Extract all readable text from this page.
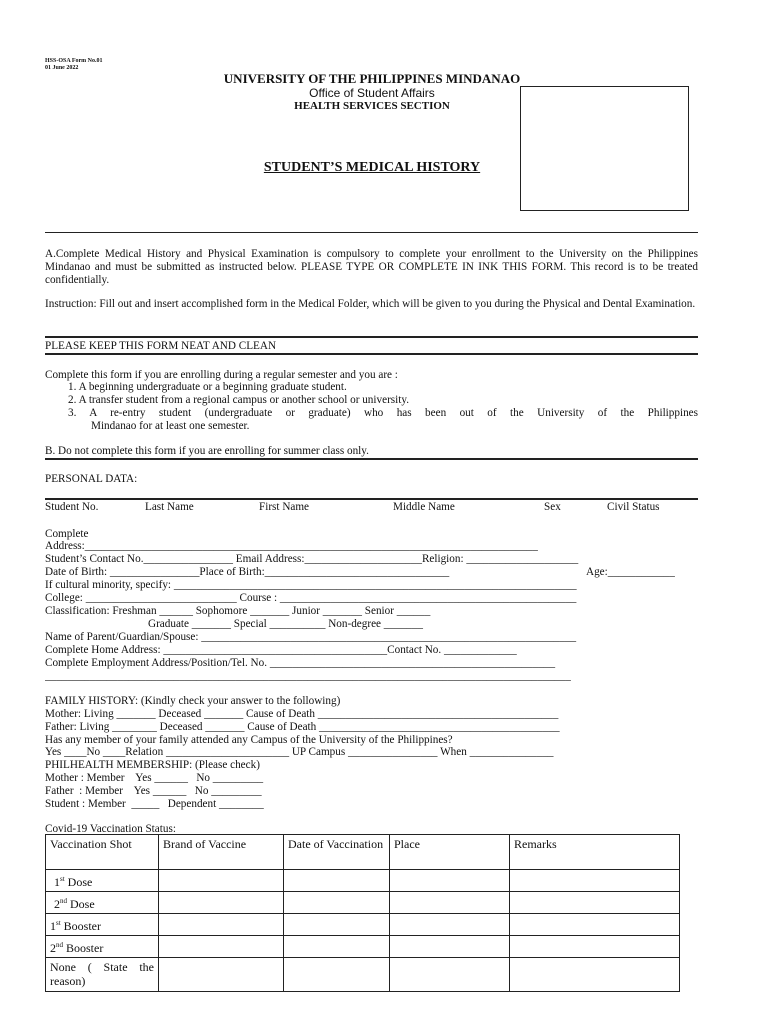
HSS-OSA Form No.01
01 June 2022
UNIVERSITY OF THE PHILIPPINES MINDANAO
Office of Student Affairs
HEALTH SERVICES SECTION
STUDENT’S MEDICAL HISTORY
A.Complete Medical History and Physical Examination is compulsory to complete your enrollment to the University on the Philippines Mindanao and must be submitted as instructed below. PLEASE TYPE OR COMPLETE IN INK THIS FORM. This record is to be treated confidentially.
Instruction: Fill out and insert accomplished form in the Medical Folder, which will be given to you during the Physical and Dental Examination.
PLEASE KEEP THIS FORM NEAT AND CLEAN
Complete this form if you are enrolling during a regular semester and you are :
1. A beginning undergraduate or a beginning graduate student.
2. A transfer student from a regional campus or another school or university.
3. A re-entry student (undergraduate or graduate) who has been out of the University of the Philippines
Mindanao for at least one semester.
B. Do not complete this form if you are enrolling for summer class only.
PERSONAL DATA:
Student No.	Last Name	First Name	Middle Name	Sex	Civil Status
Complete
Address:_________________________________________________________________________________
Student’s Contact No.________________ Email Address:_____________________Religion: ____________________
Date of Birth: ________________Place of Birth:_________________________________	Age:____________
If cultural minority, specify: ________________________________________________________________________
College: ___________________________ Course : _____________________________________________________
Classification: Freshman ______ Sophomore _______ Junior _______ Senior ______
Graduate _______ Special __________ Non-degree _______
Name of Parent/Guardian/Spouse: ___________________________________________________________________
Complete Home Address: ________________________________________Contact No. _____________
Complete Employment Address/Position/Tel. No. ___________________________________________________
______________________________________________________________________________________________
FAMILY HISTORY: (Kindly check your answer to the following)
Mother: Living _______ Deceased _______ Cause of Death ___________________________________________
Father: Living ________ Deceased _______ Cause of Death ___________________________________________
Has any member of your family attended any Campus of the University of the Philippines?
Yes ____No ____Relation ______________________ UP Campus ________________ When _______________
PHILHEALTH MEMBERSHIP: (Please check)
Mother : Member    Yes ______   No _________
Father  : Member    Yes ______   No _________
Student : Member  _____   Dependent ________
Covid-19 Vaccination Status:
Vaccination Shot	Brand of Vaccine	Date of Vaccination	Place	Remarks
1st Dose				
2nd Dose				
1st Booster				
2nd Booster				
None ( State the reason)				
